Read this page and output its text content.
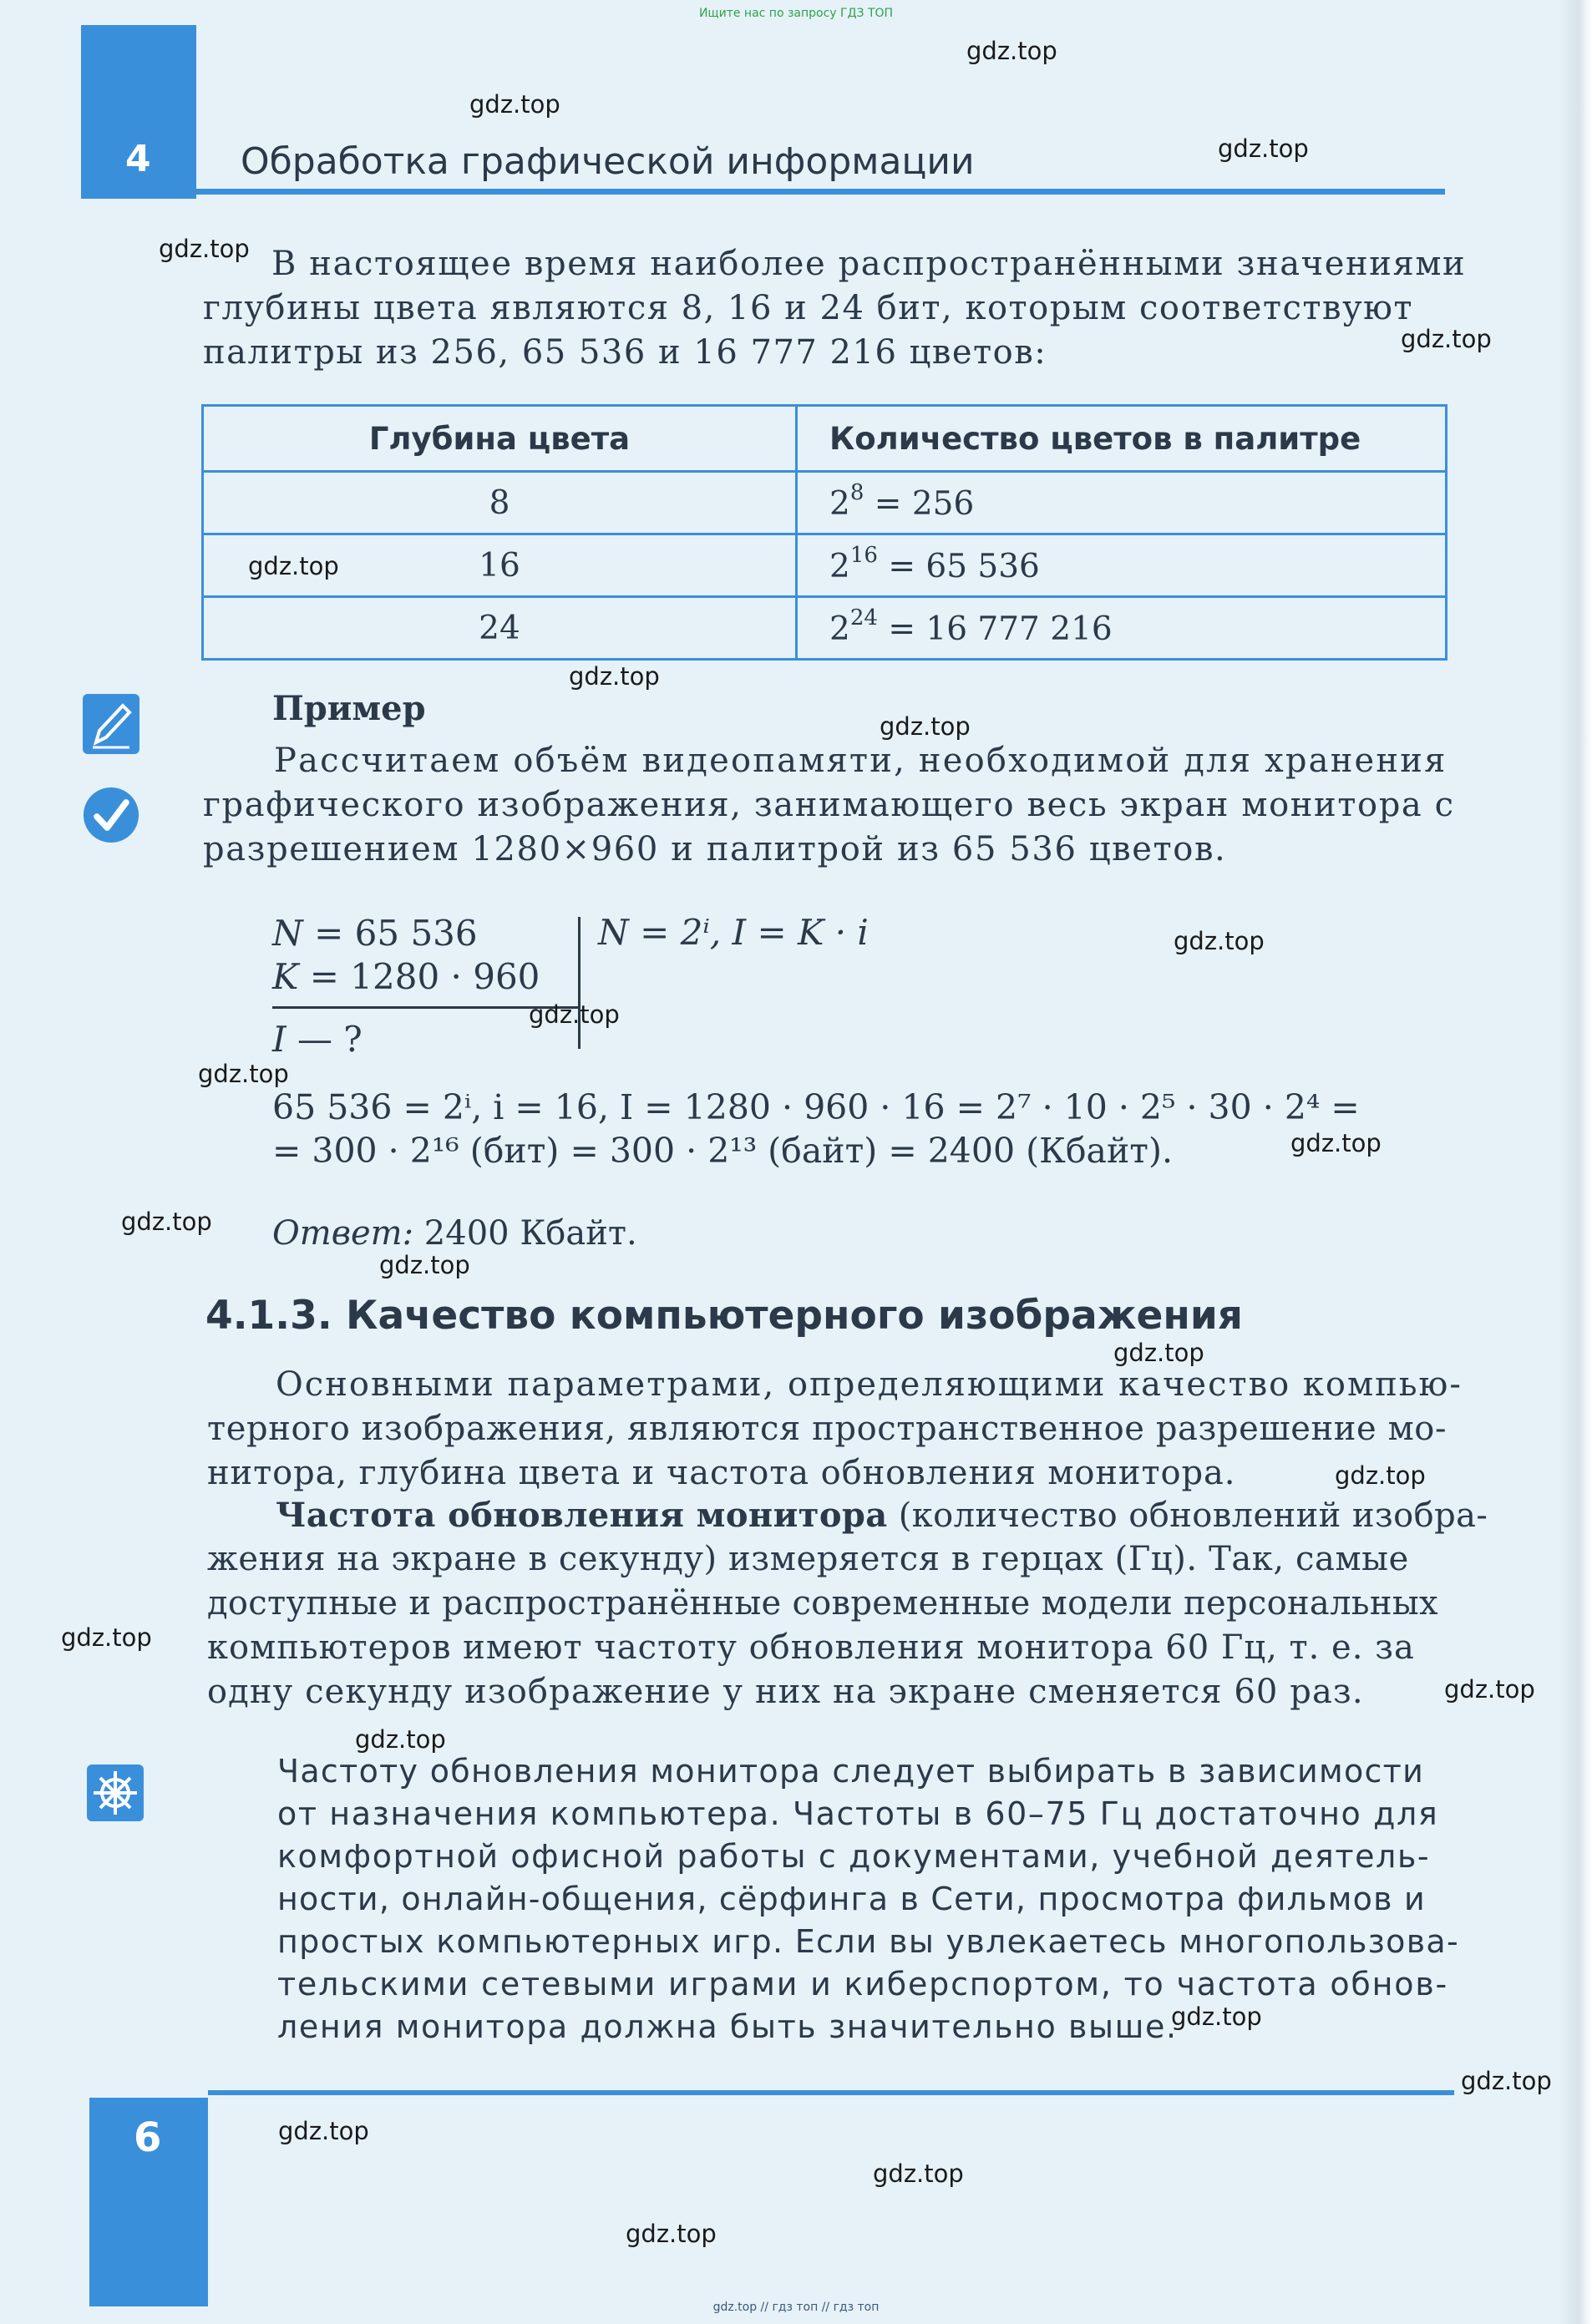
Ищите нас по запросу ГДЗ ТОП
4 Обработка графической информации
В настоящее время наиболее распространёнными значениями
глубины цвета являются 8, 16 и 24 бит, которым соответствуют
палитры из 256, 65 536 и 16 777 216 цветов:
Глубина цвета	Количество цветов в палитре
8	$2^8 = 256$
16	$2^{16} = 65$ 536
24	$2^{24} = 16$ 777 216
Пример
Рассчитаем объём видеопамяти, необходимой для хранения
графического изображения, занимающего весь экран монитора с
разрешением 1280×960 и палитрой из 65 536 цветов.
N = 65 536
K = 1280 · 960
I — ?
N = 2ⁱ, I = K · i
65 536 = 2ⁱ, i = 16, I = 1280 · 960 · 16 = 2⁷ · 10 · 2⁵ · 30 · 2⁴ =
= 300 · 2¹⁶ (бит) = 300 · 2¹³ (байт) = 2400 (Кбайт).
Ответ: 2400 Кбайт.
4.1.3. Качество компьютерного изображения
Основными параметрами, определяющими качество компью-
терного изображения, являются пространственное разрешение мо-
нитора, глубина цвета и частота обновления монитора.
Частота обновления монитора (количество обновлений изобра-
жения на экране в секунду) измеряется в герцах (Гц). Так, самые
доступные и распространённые современные модели персональных
компьютеров имеют частоту обновления монитора 60 Гц, т. е. за
одну секунду изображение у них на экране сменяется 60 раз.
Частоту обновления монитора следует выбирать в зависимости
от назначения компьютера. Частоты в 60–75 Гц достаточно для
комфортной офисной работы с документами, учебной деятель-
ности, онлайн-общения, сёрфинга в Сети, просмотра фильмов и
простых компьютерных игр. Если вы увлекаетесь многопользова-
тельскими сетевыми играми и киберспортом, то частота обнов-
ления монитора должна быть значительно выше.
6
gdz.top // гдз топ // гдз топ
gdz.top
gdz.top
gdz.top
gdz.top
gdz.top
gdz.top
gdz.top
gdz.top
gdz.top
gdz.top
gdz.top
gdz.top
gdz.top
gdz.top
gdz.top
gdz.top
gdz.top
gdz.top
gdz.top
gdz.top
gdz.top
gdz.top
gdz.top
gdz.top
